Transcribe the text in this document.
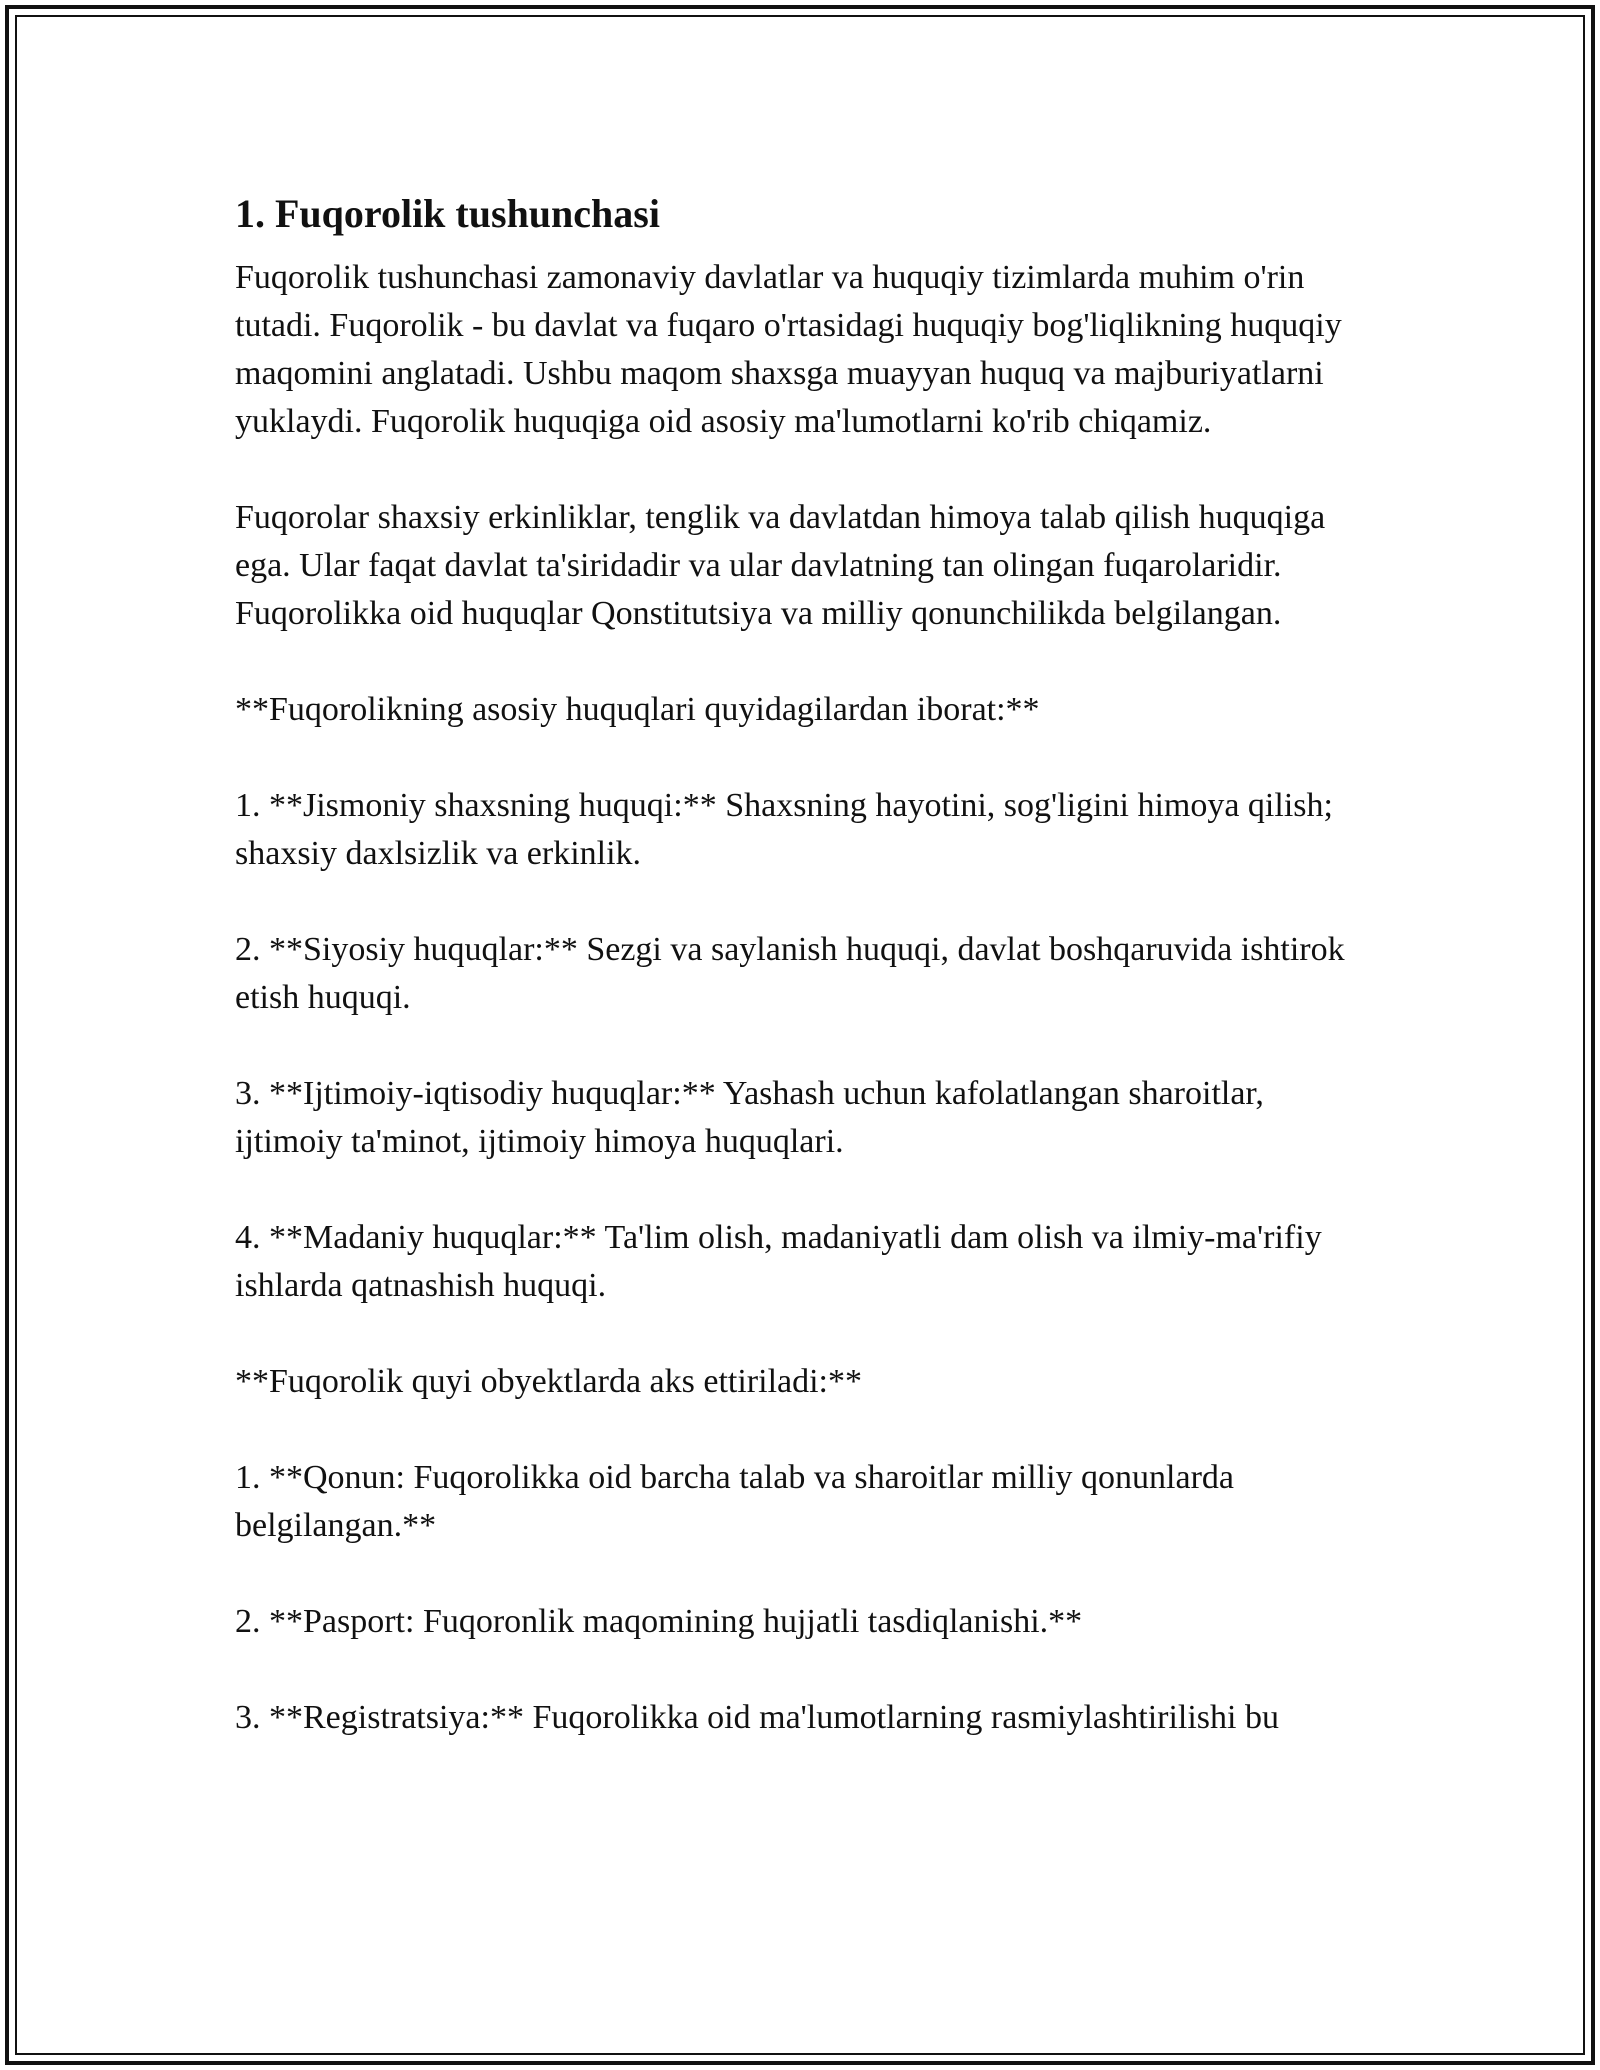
1. Fuqorolik tushunchasi

Fuqorolik tushunchasi zamonaviy davlatlar va huquqiy tizimlarda muhim o'rin tutadi. Fuqorolik - bu davlat va fuqaro o'rtasidagi huquqiy bog'liqlikning huquqiy maqomini anglatadi. Ushbu maqom shaxsga muayyan huquq va majburiyatlarni yuklaydi. Fuqorolik huquqiga oid asosiy ma'lumotlarni ko'rib chiqamiz.

Fuqorolar shaxsiy erkinliklar, tenglik va davlatdan himoya talab qilish huquqiga ega. Ular faqat davlat ta'siridadir va ular davlatning tan olingan fuqarolaridir. Fuqorolikka oid huquqlar Qonstitutsiya va milliy qonunchilikda belgilangan.

**Fuqorolikning asosiy huquqlari quyidagilardan iborat:**

1. **Jismoniy shaxsning huquqi:** Shaxsning hayotini, sog'ligini himoya qilish; shaxsiy daxlsizlik va erkinlik.

2. **Siyosiy huquqlar:** Sezgi va saylanish huquqi, davlat boshqaruvida ishtirok etish huquqi.

3. **Ijtimoiy-iqtisodiy huquqlar:** Yashash uchun kafolatlangan sharoitlar, ijtimoiy ta'minot, ijtimoiy himoya huquqlari.

4. **Madaniy huquqlar:** Ta'lim olish, madaniyatli dam olish va ilmiy-ma'rifiy ishlarda qatnashish huquqi.

**Fuqorolik quyi obyektlarda aks ettiriladi:**

1. **Qonun: Fuqorolikka oid barcha talab va sharoitlar milliy qonunlarda belgilangan.**

2. **Pasport: Fuqoronlik maqomining hujjatli tasdiqlanishi.**

3. **Registratsiya:** Fuqorolikka oid ma'lumotlarning rasmiylashtirilishi bu
